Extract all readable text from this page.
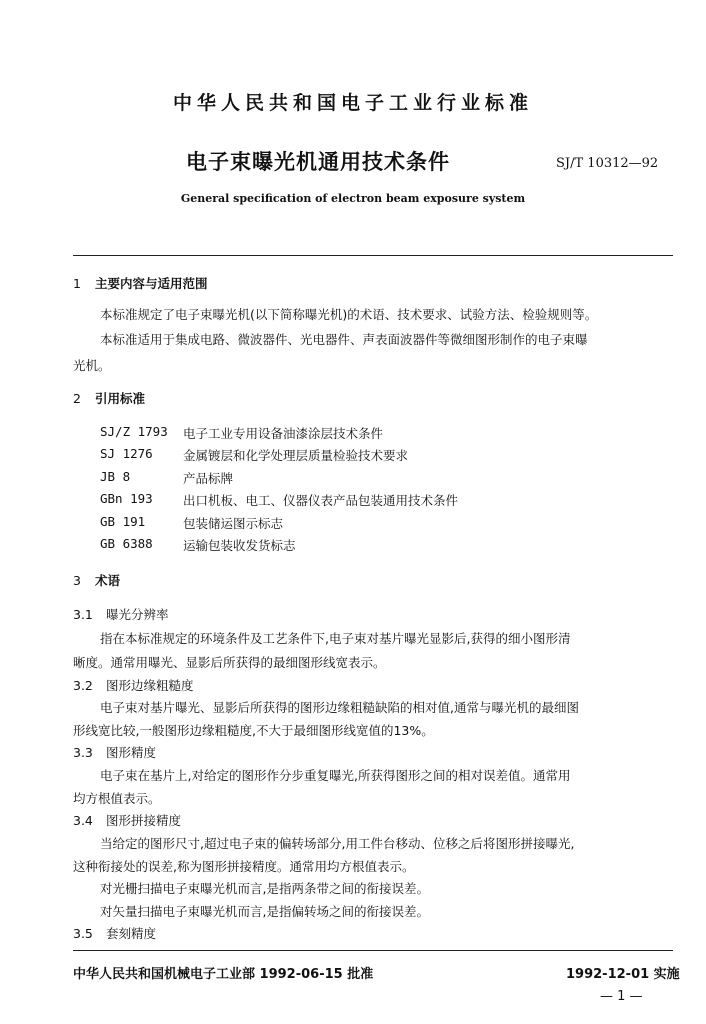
中华人民共和国电子工业行业标准
电子束曝光机通用技术条件	SJ/T 10312—92
General specification of electron beam exposure system
1 主要内容与适用范围
本标准规定了电子束曝光机(以下简称曝光机)的术语、技术要求、试验方法、检验规则等。
本标准适用于集成电路、微波器件、光电器件、声表面波器件等微细图形制作的电子束曝
光机。
2 引用标准
SJ/Z 1793 电子工业专用设备油漆涂层技术条件
SJ 1276 金属镀层和化学处理层质量检验技术要求
JB 8	产品标牌
GBn 193 出口机板、电工、仪器仪表产品包装通用技术条件
GB 191	包装储运图示标志
GB 6388 运输包装收发货标志
3 术语
3.1 曝光分辨率
指在本标准规定的环境条件及工艺条件下,电子束对基片曝光显影后,获得的细小图形清
晰度。通常用曝光、显影后所获得的最细图形线宽表示。
3.2 图形边缘粗糙度
电子束对基片曝光、显影后所获得的图形边缘粗糙缺陷的相对值,通常与曝光机的最细图
形线宽比较,一般图形边缘粗糙度,不大于最细图形线宽值的13%。
3.3 图形精度
电子束在基片上,对给定的图形作分步重复曝光,所获得图形之间的相对误差值。通常用
均方根值表示。
3.4 图形拼接精度
当给定的图形尺寸,超过电子束的偏转场部分,用工件台移动、位移之后将图形拼接曝光,
这种衔接处的误差,称为图形拼接精度。通常用均方根值表示。
对光栅扫描电子束曝光机而言,是指两条带之间的衔接误差。
对矢量扫描电子束曝光机而言,是指偏转场之间的衔接误差。
3.5 套刻精度
中华人民共和国机械电子工业部 1992-06-15 批准	1992-12-01 实施
— 1 —
